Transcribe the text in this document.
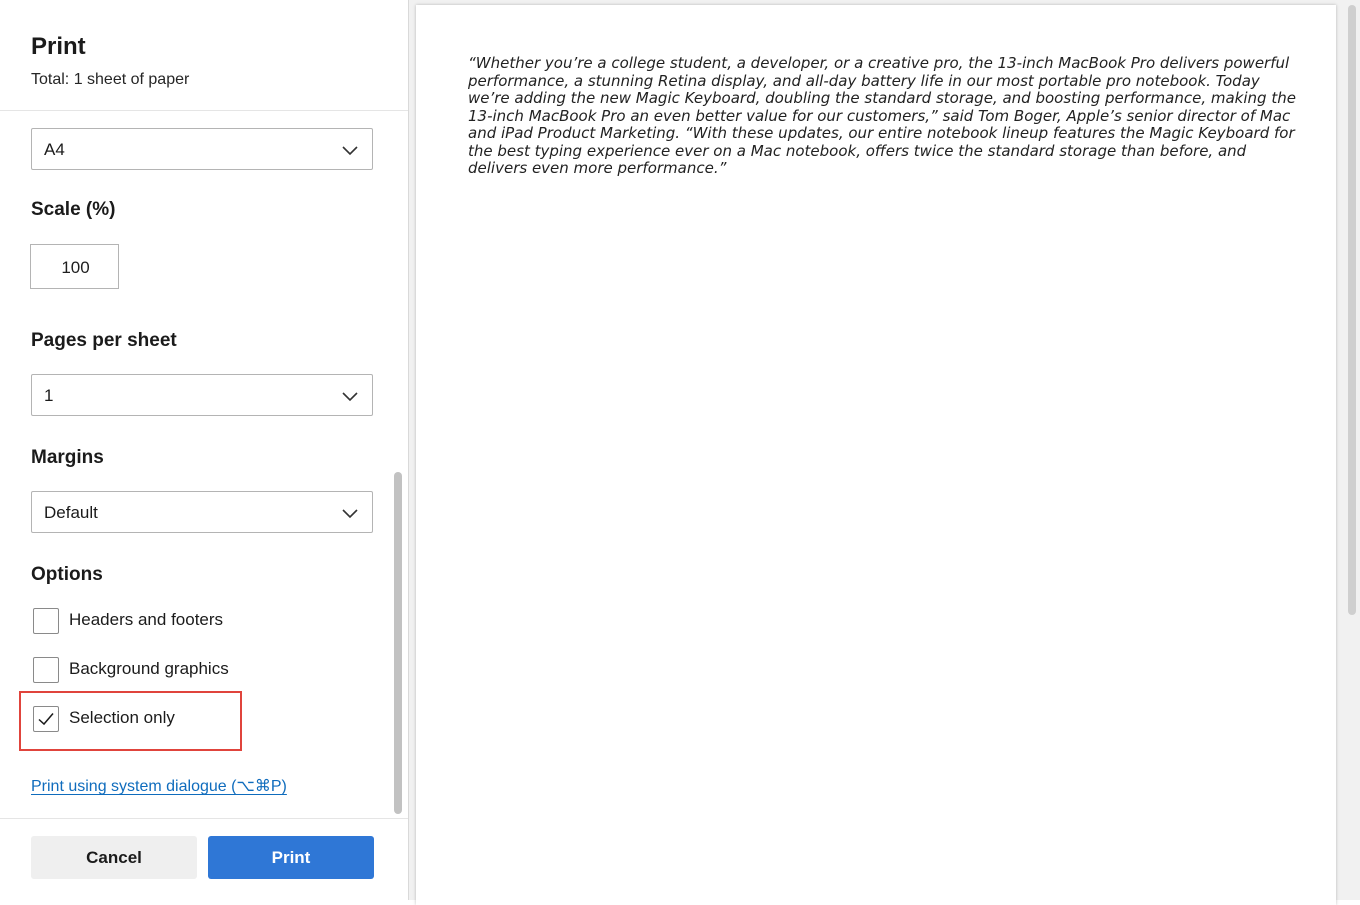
Print
Total: 1 sheet of paper
A4
Scale (%)
100
Pages per sheet
1
Margins
Default
Options
Headers and footers
Background graphics
Selection only
Print using system dialogue (⌥⌘P)
Cancel	Print
“Whether you’re a college student, a developer, or a creative pro, the 13-inch MacBook Pro delivers powerful performance, a stunning Retina display, and all-day battery life in our most portable pro notebook. Today we’re adding the new Magic Keyboard, doubling the standard storage, and boosting performance, making the 13-inch MacBook Pro an even better value for our customers,” said Tom Boger, Apple’s senior director of Mac and iPad Product Marketing. “With these updates, our entire notebook lineup features the Magic Keyboard for the best typing experience ever on a Mac notebook, offers twice the standard storage than before, and delivers even more performance.”
